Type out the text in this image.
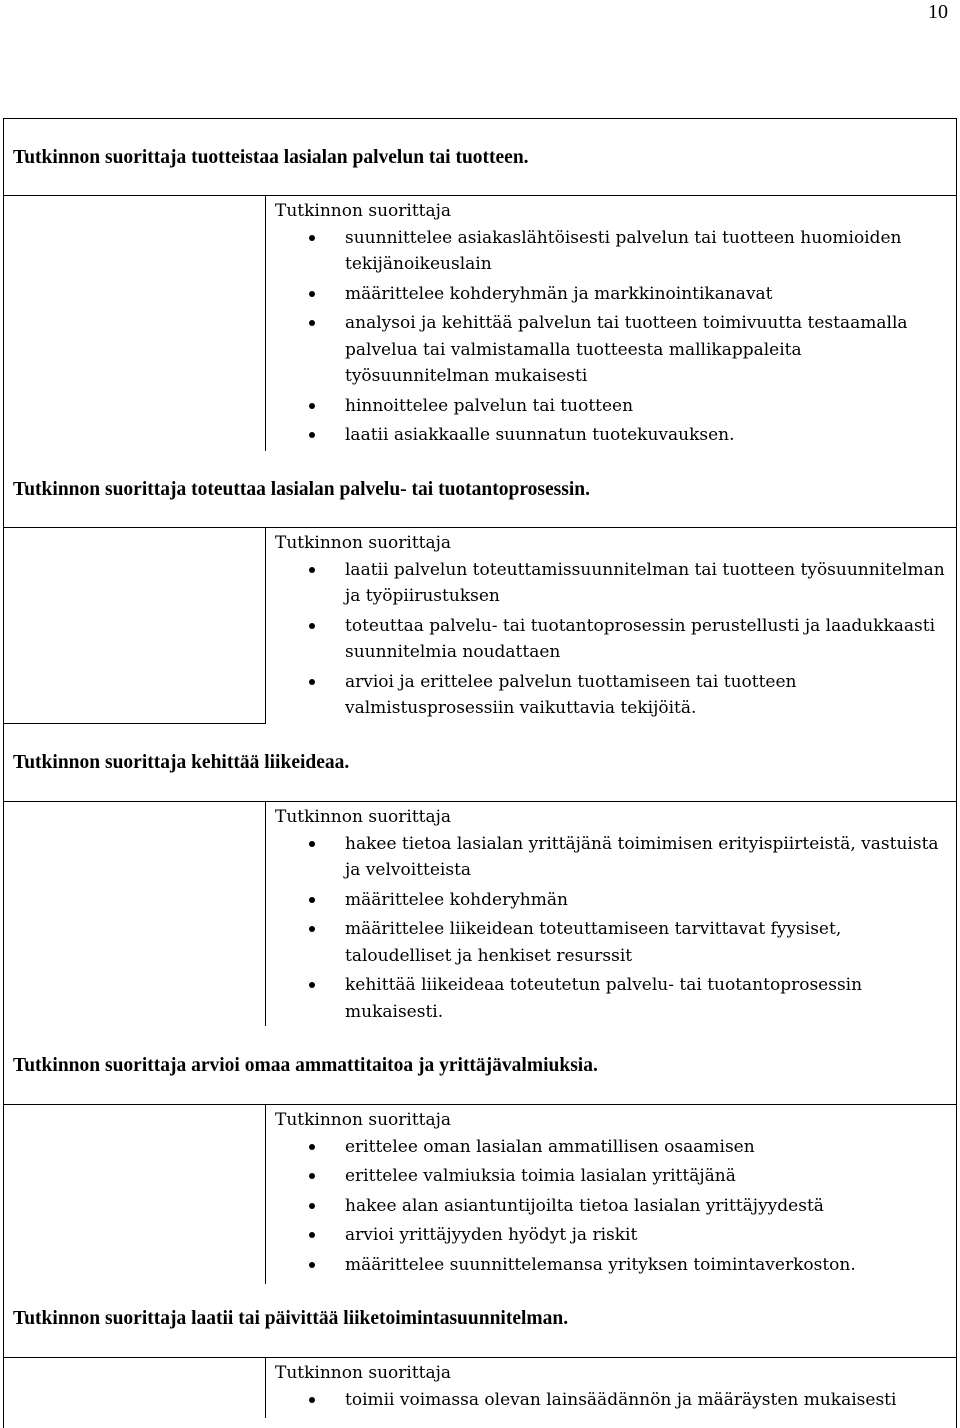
10
Tutkinnon suorittaja tuotteistaa lasialan palvelun tai tuotteen.
Tutkinnon suorittaja
suunnittelee asiakaslähtöisesti palvelun tai tuotteen huomioiden tekijänoikeuslain
määrittelee kohderyhmän ja markkinointikanavat
analysoi ja kehittää palvelun tai tuotteen toimivuutta testaamalla palvelua tai valmistamalla tuotteesta mallikappaleita työsuunnitelman mukaisesti
hinnoittelee palvelun tai tuotteen
laatii asiakkaalle suunnatun tuotekuvauksen.
Tutkinnon suorittaja toteuttaa lasialan palvelu- tai tuotantoprosessin.
Tutkinnon suorittaja
laatii palvelun toteuttamissuunnitelman tai tuotteen työsuunnitelman ja työpiirustuksen
toteuttaa palvelu- tai tuotantoprosessin perustellusti ja laadukkaasti suunnitelmia noudattaen
arvioi ja erittelee palvelun tuottamiseen tai tuotteen valmistusprosessiin vaikuttavia tekijöitä.
Tutkinnon suorittaja kehittää liikeideaa.
Tutkinnon suorittaja
hakee tietoa lasialan yrittäjänä toimimisen erityispiirteistä, vastuista ja velvoitteista
määrittelee kohderyhmän
määrittelee liikeidean toteuttamiseen tarvittavat fyysiset, taloudelliset ja henkiset resurssit
kehittää liikeideaa toteutetun palvelu- tai tuotantoprosessin mukaisesti.
Tutkinnon suorittaja arvioi omaa ammattitaitoa ja yrittäjävalmiuksia.
Tutkinnon suorittaja
erittelee oman lasialan ammatillisen osaamisen
erittelee valmiuksia toimia lasialan yrittäjänä
hakee alan asiantuntijoilta tietoa lasialan yrittäjyydestä
arvioi yrittäjyyden hyödyt ja riskit
määrittelee suunnittelemansa yrityksen toimintaverkoston.
Tutkinnon suorittaja laatii tai päivittää liiketoimintasuunnitelman.
Tutkinnon suorittaja
toimii voimassa olevan lainsäädännön ja määräysten mukaisesti
